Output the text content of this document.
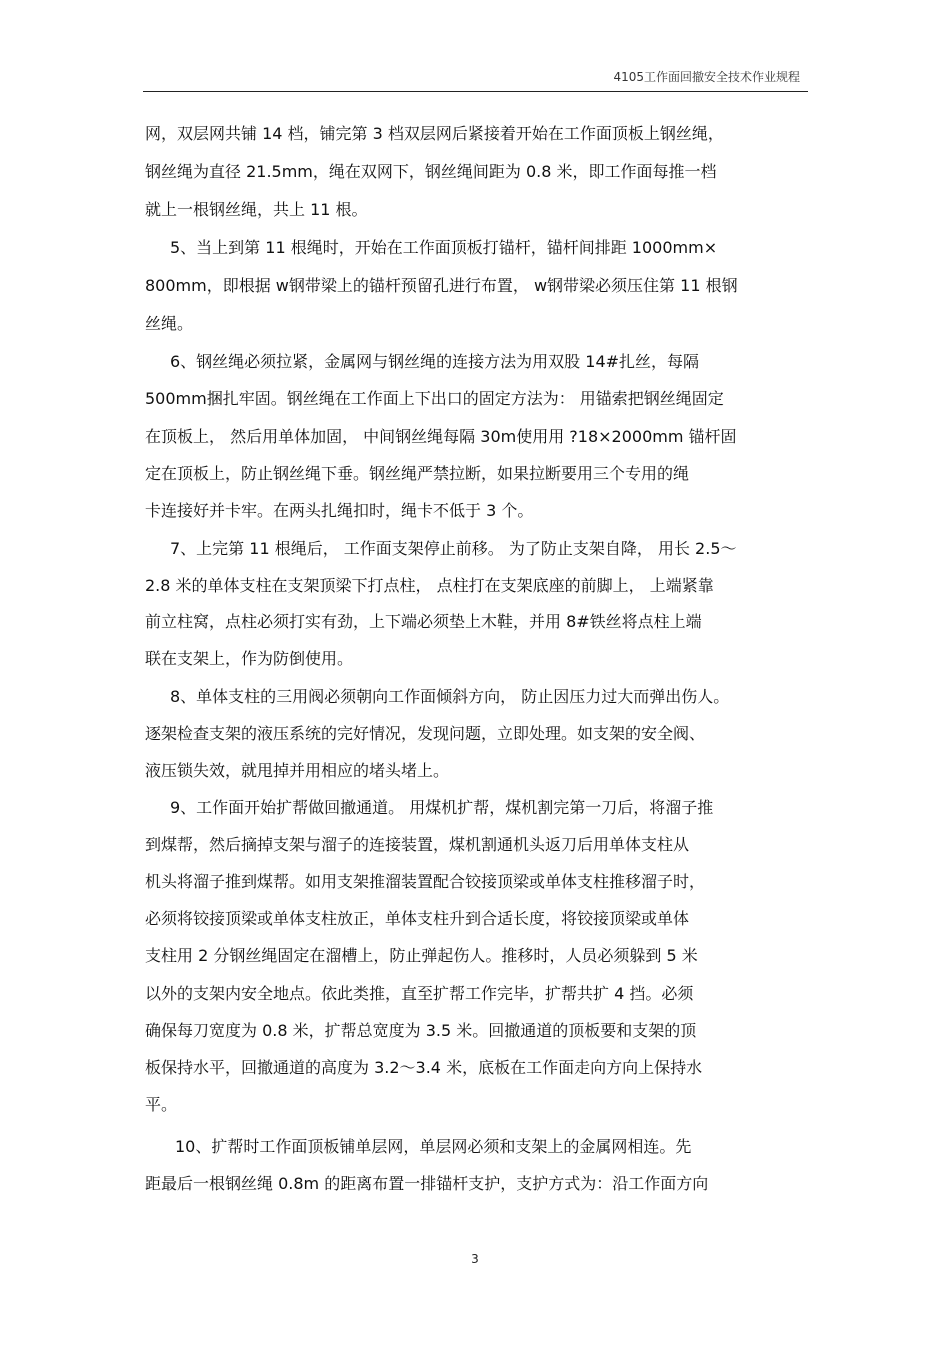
4105工作面回撤安全技术作业规程
网，双层网共铺 14 档，铺完第 3 档双层网后紧接着开始在工作面顶板上钢丝绳，
钢丝绳为直径 21.5mm，绳在双网下，钢丝绳间距为 0.8 米，即工作面每推一档
就上一根钢丝绳，共上 11 根。
5、当上到第 11 根绳时，开始在工作面顶板打锚杆，锚杆间排距 1000mm×
800mm，即根据 w钢带梁上的锚杆预留孔进行布置， w钢带梁必须压住第 11 根钢
丝绳。
6、钢丝绳必须拉紧，金属网与钢丝绳的连接方法为用双股 14#扎丝，每隔
500mm捆扎牢固。钢丝绳在工作面上下出口的固定方法为： 用锚索把钢丝绳固定
在顶板上， 然后用单体加固， 中间钢丝绳每隔 30m使用用 ?18×2000mm 锚杆固
定在顶板上，防止钢丝绳下垂。钢丝绳严禁拉断，如果拉断要用三个专用的绳
卡连接好并卡牢。在两头扎绳扣时，绳卡不低于 3 个。
7、上完第 11 根绳后， 工作面支架停止前移。 为了防止支架自降， 用长 2.5～
2.8 米的单体支柱在支架顶梁下打点柱， 点柱打在支架底座的前脚上， 上端紧靠
前立柱窝，点柱必须打实有劲，上下端必须垫上木鞋，并用 8#铁丝将点柱上端
联在支架上，作为防倒使用。
8、单体支柱的三用阀必须朝向工作面倾斜方向， 防止因压力过大而弹出伤人。
逐架检查支架的液压系统的完好情况，发现问题，立即处理。如支架的安全阀、
液压锁失效，就甩掉并用相应的堵头堵上。
9、工作面开始扩帮做回撤通道。 用煤机扩帮，煤机割完第一刀后，将溜子推
到煤帮，然后摘掉支架与溜子的连接装置，煤机割通机头返刀后用单体支柱从
机头将溜子推到煤帮。如用支架推溜装置配合铰接顶梁或单体支柱推移溜子时，
必须将铰接顶梁或单体支柱放正，单体支柱升到合适长度，将铰接顶梁或单体
支柱用 2 分钢丝绳固定在溜槽上，防止弹起伤人。推移时，人员必须躲到 5 米
以外的支架内安全地点。依此类推，直至扩帮工作完毕，扩帮共扩 4 挡。必须
确保每刀宽度为 0.8 米，扩帮总宽度为 3.5 米。回撤通道的顶板要和支架的顶
板保持水平，回撤通道的高度为 3.2～3.4 米，底板在工作面走向方向上保持水
平。
10、扩帮时工作面顶板铺单层网，单层网必须和支架上的金属网相连。先
距最后一根钢丝绳 0.8m 的距离布置一排锚杆支护，支护方式为：沿工作面方向
3
